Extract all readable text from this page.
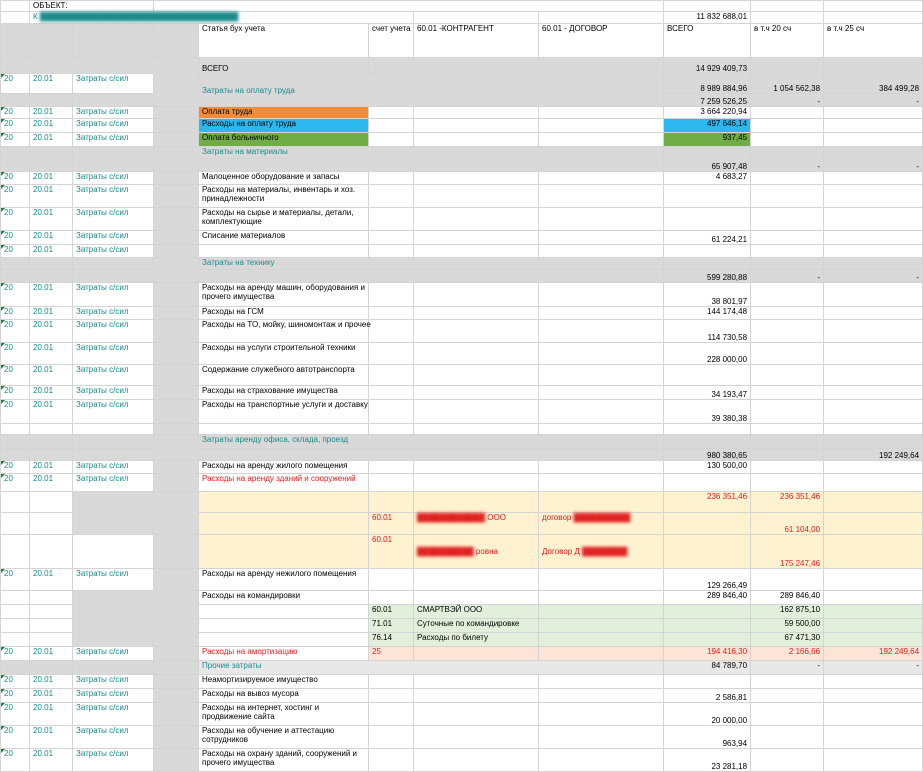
	ОБЪЕКТ:									
	К ███████████████████████████████████							11 832 688,01		
				Статья бух учета	счет учета	60.01 -КОНТРАГЕНТ	60.01 - ДОГОВОР	ВСЕГО	в т.ч 20 сч	в т.ч 25 сч
				ВСЕГО				14 929 409,73		
20	20.01	Затраты с/сил		Затраты на оплату труда				8 989 884,96	1 054 562,38	384 499,28
								7 259 526,25	-	-
20	20.01	Затраты с/сил		Оплата труда				3 664 220,94		
20	20.01	Затраты с/сил		Расходы на оплату труда				497 646,14		
20	20.01	Затраты с/сил		Оплата больничного				937,45		
				Затраты на материалы						
								65 907,48	-	-
20	20.01	Затраты с/сил		Малоценное оборудование и запасы				4 683,27		
20	20.01	Затраты с/сил		Расходы на материалы, инвентарь и хоз. принадлежности						
20	20.01	Затраты с/сил		Расходы на сырье и материалы, детали, комплектующие						
20	20.01	Затраты с/сил		Списание материалов				61 224,21		
20	20.01	Затраты с/сил								
				Затраты на технику						
								599 280,88	-	-
20	20.01	Затраты с/сил		Расходы на аренду машин, оборудования и прочего имущества				38 801,97		
20	20.01	Затраты с/сил		Расходы на ГСМ				144 174,48		
20	20.01	Затраты с/сил		Расходы на ТО, мойку, шиномонтаж и прочее				114 730,58		
20	20.01	Затраты с/сил		Расходы на услуги строительной техники				228 000,00		
20	20.01	Затраты с/сил		Содержание служебного автотранспорта						
20	20.01	Затраты с/сил		Расходы на страхование имущества				34 193,47		
20	20.01	Затраты с/сил		Расходы на транспортные услуги и доставку				39 380,38		

				Затраты аренду офиса, склада, проезд						
								980 380,65		192 249,64
20	20.01	Затраты с/сил		Расходы на аренду жилого помещения				130 500,00		
20	20.01	Затраты с/сил		Расходы на аренду зданий и сооружений						
								236 351,46	236 351,46	
					60.01	████████████ ООО	договор ██████████		61 104,00	
					60.01	██████████ ровна	Договор Д ████████		175 247,46	
20	20.01	Затраты с/сил		Расходы на аренду нежилого помещения				129 266,49		
				Расходы на командировки				289 846,40	289 846,40	
					60.01	СМАРТВЭЙ ООО			162 875,10	
					71.01	Суточные по командировке			59 500,00	
					76.14	Расходы по билету			67 471,30	
20	20.01	Затраты с/сил		Расходы на амортизацию	25			194 416,30	2 166,66	192 249,64
				Прочие затраты				84 789,70	-	-
20	20.01	Затраты с/сил		Неамортизируемое имущество						
20	20.01	Затраты с/сил		Расходы на вывоз мусора				2 586,81		
20	20.01	Затраты с/сил		Расходы на интернет, хостинг и продвижение сайта				20 000,00		
20	20.01	Затраты с/сил		Расходы на обучение и аттестацию сотрудников				963,94		
20	20.01	Затраты с/сил		Расходы на охрану зданий, сооружений и прочего имущества				23 281,18		
